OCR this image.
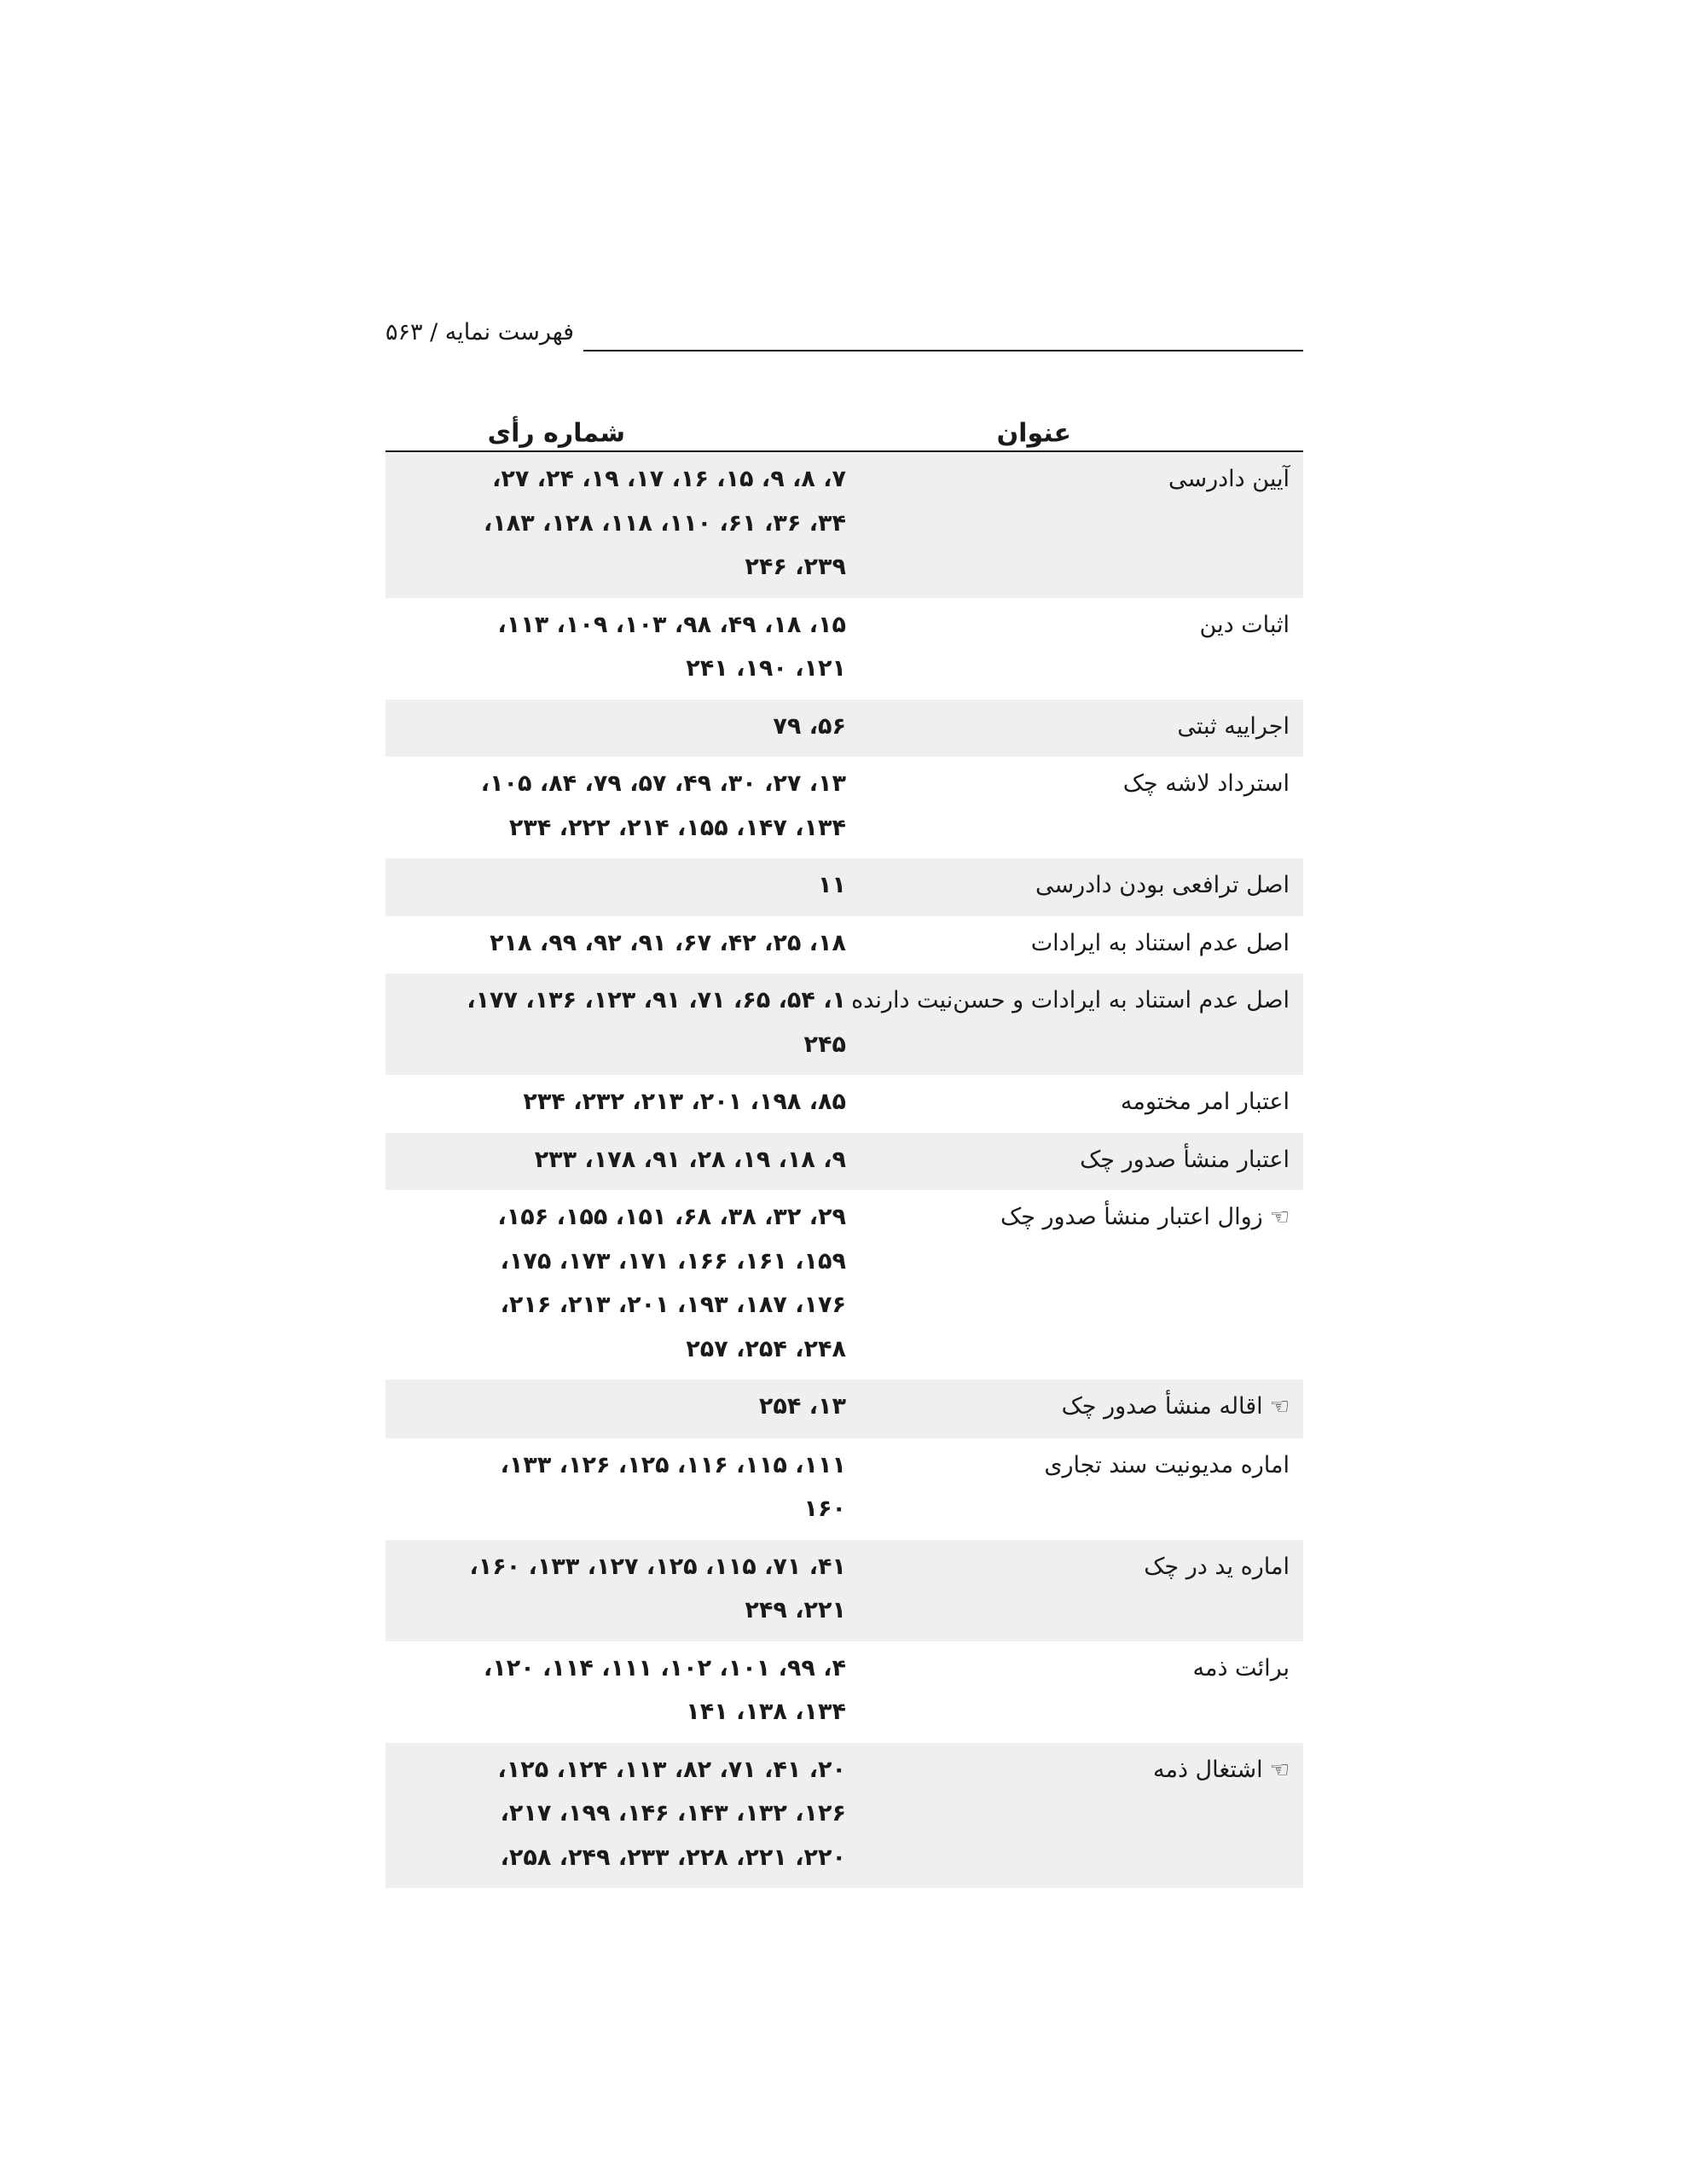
فهرست نمایه / ۵۶۳
عنوان
شماره رأی
آیین دادرسی
۷، ۸، ۹، ۱۵، ۱۶، ۱۷، ۱۹، ۲۴، ۲۷،
۳۴، ۳۶، ۶۱، ۱۱۰، ۱۱۸، ۱۲۸، ۱۸۳،
۲۳۹، ۲۴۶
اثبات دین
۱۵، ۱۸، ۴۹، ۹۸، ۱۰۳، ۱۰۹، ۱۱۳،
۱۲۱، ۱۹۰، ۲۴۱
اجراییه ثبتی
۵۶، ۷۹
استرداد لاشه چک
۱۳، ۲۷، ۳۰، ۴۹، ۵۷، ۷۹، ۸۴، ۱۰۵،
۱۳۴، ۱۴۷، ۱۵۵، ۲۱۴، ۲۲۲، ۲۳۴
اصل ترافعی بودن دادرسی
۱۱
اصل عدم استناد به ایرادات
۱۸، ۲۵، ۴۲، ۶۷، ۹۱، ۹۲، ۹۹، ۲۱۸
اصل عدم استناد به ایرادات و حسن‌نیت دارنده
۱، ۵۴، ۶۵، ۷۱، ۹۱، ۱۲۳، ۱۳۶، ۱۷۷،
۲۴۵
اعتبار امر مختومه
۸۵، ۱۹۸، ۲۰۱، ۲۱۳، ۲۳۲، ۲۳۴
اعتبار منشأ صدور چک
۹، ۱۸، ۱۹، ۲۸، ۹۱، ۱۷۸، ۲۳۳
☜زوال اعتبار منشأ صدور چک
۲۹، ۳۲، ۳۸، ۶۸، ۱۵۱، ۱۵۵، ۱۵۶،
۱۵۹، ۱۶۱، ۱۶۶، ۱۷۱، ۱۷۳، ۱۷۵،
۱۷۶، ۱۸۷، ۱۹۳، ۲۰۱، ۲۱۳، ۲۱۶،
۲۴۸، ۲۵۴، ۲۵۷
☜اقاله منشأ صدور چک
۱۳، ۲۵۴
اماره مدیونیت سند تجاری
۱۱۱، ۱۱۵، ۱۱۶، ۱۲۵، ۱۲۶، ۱۳۳،
۱۶۰
اماره ید در چک
۴۱، ۷۱، ۱۱۵، ۱۲۵، ۱۲۷، ۱۳۳، ۱۶۰،
۲۲۱، ۲۴۹
برائت ذمه
۴، ۹۹، ۱۰۱، ۱۰۲، ۱۱۱، ۱۱۴، ۱۲۰،
۱۳۴، ۱۳۸، ۱۴۱
☜اشتغال ذمه
۲۰، ۴۱، ۷۱، ۸۲، ۱۱۳، ۱۲۴، ۱۲۵،
۱۲۶، ۱۳۲، ۱۴۳، ۱۴۶، ۱۹۹، ۲۱۷،
۲۲۰، ۲۲۱، ۲۲۸، ۲۳۳، ۲۴۹، ۲۵۸،
